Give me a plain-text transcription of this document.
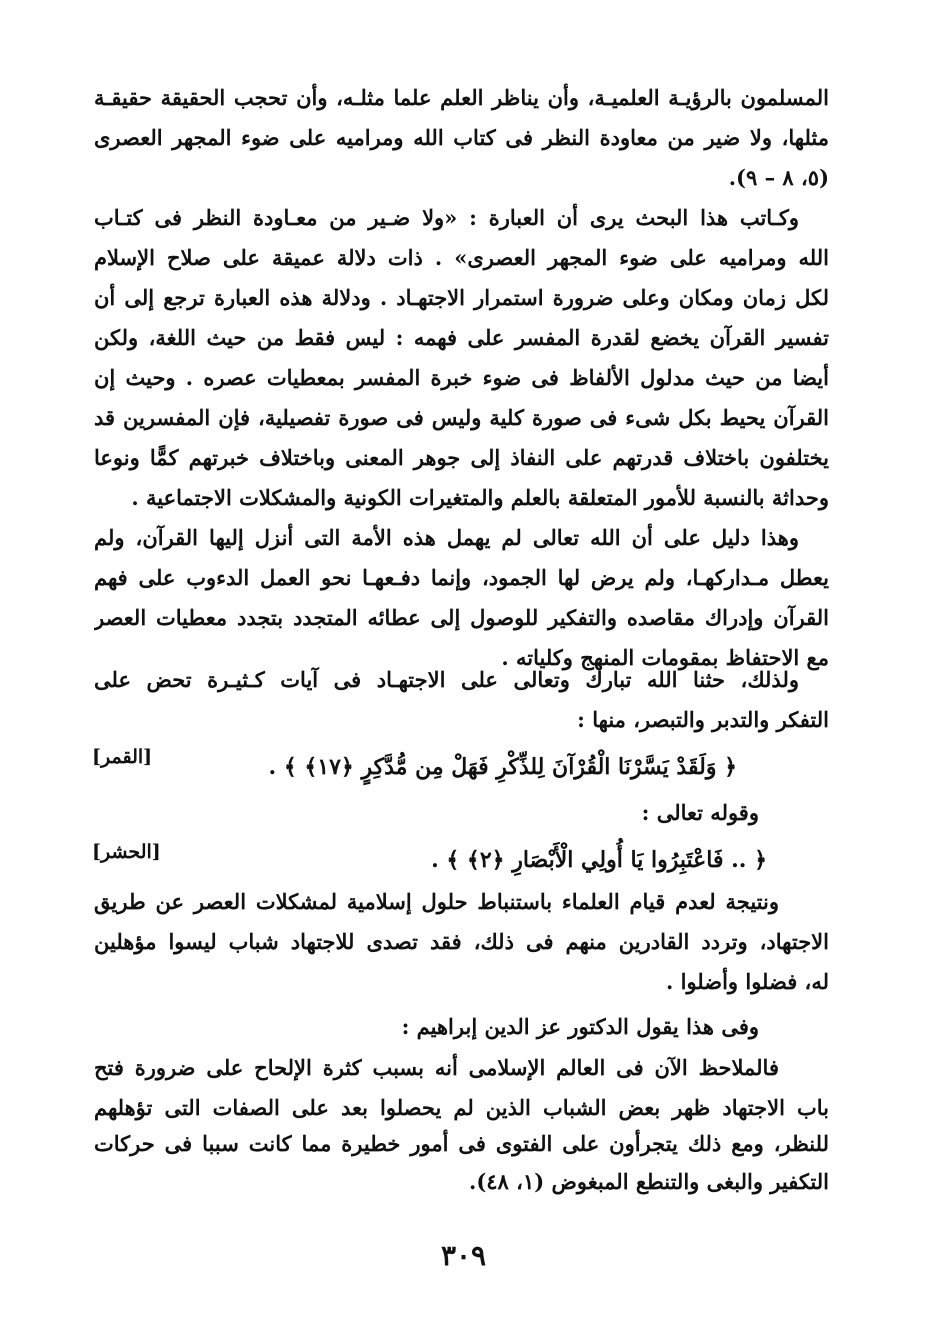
المسلمون بالرؤيـة العلميـة، وأن يناظر العلم علما مثلـه، وأن تحجب الحقيقة حقيقـة
مثلها، ولا ضير من معاودة النظر فى كتاب الله ومراميه على ضوء المجهر العصرى
(٥، ٨ – ٩).
وكـاتب هذا البحث يرى أن العبارة : «ولا ضـير من معـاودة النظر فى كتـاب
الله ومراميه على ضوء المجهر العصرى» . ذات دلالة عميقة على صلاح الإسلام
لكل زمان ومكان وعلى ضرورة استمرار الاجتهـاد . ودلالة هذه العبارة ترجع إلى أن
تفسير القرآن يخضع لقدرة المفسر على فهمه : ليس فقط من حيث اللغة، ولكن
أيضا من حيث مدلول الألفاظ فى ضوء خبرة المفسر بمعطيات عصره . وحيث إن
القرآن يحيط بكل شىء فى صورة كلية وليس فى صورة تفصيلية، فإن المفسرين قد
يختلفون باختلاف قدرتهم على النفاذ إلى جوهر المعنى وباختلاف خبرتهم كمًّا ونوعا
وحداثة بالنسبة للأمور المتعلقة بالعلم والمتغيرات الكونية والمشكلات الاجتماعية .
وهذا دليل على أن الله تعالى لم يهمل هذه الأمة التى أنزل إليها القرآن، ولم
يعطل مـداركهـا، ولم يرض لها الجمود، وإنما دفـعهـا نحو العمل الدءوب على فهم
القرآن وإدراك مقاصده والتفكير للوصول إلى عطائه المتجدد بتجدد معطيات العصر
مع الاحتفاظ بمقومات المنهج وكلياته .
ولذلك، حثنا الله تبارك وتعالى على الاجتهـاد فى آيات كـثيـرة تحض على
التفكر والتدبر والتبصر، منها :
[القمر]	﴿ وَلَقَدْ يَسَّرْنَا الْقُرْآنَ لِلذِّكْرِ فَهَلْ مِن مُّدَّكِرٍ ﴿١٧﴾ ﴾ .
وقوله تعالى :
[الحشر]	﴿ .. فَاعْتَبِرُوا يَا أُولِي الْأَبْصَارِ ﴿٢﴾ ﴾ .
ونتيجة لعدم قيام العلماء باستنباط حلول إسلامية لمشكلات العصر عن طريق
الاجتهاد، وتردد القادرين منهم فى ذلك، فقد تصدى للاجتهاد شباب ليسوا مؤهلين
له، فضلوا وأضلوا .
وفى هذا يقول الدكتور عز الدين إبراهيم :
فالملاحظ الآن فى العالم الإسلامى أنه بسبب كثرة الإلحاح على ضرورة فتح
باب الاجتهاد ظهر بعض الشباب الذين لم يحصلوا بعد على الصفات التى تؤهلهم
للنظر، ومع ذلك يتجرأون على الفتوى فى أمور خطيرة مما كانت سببا فى حركات
التكفير والبغى والتنطع المبغوض (١، ٤٨).
٣٠٩
